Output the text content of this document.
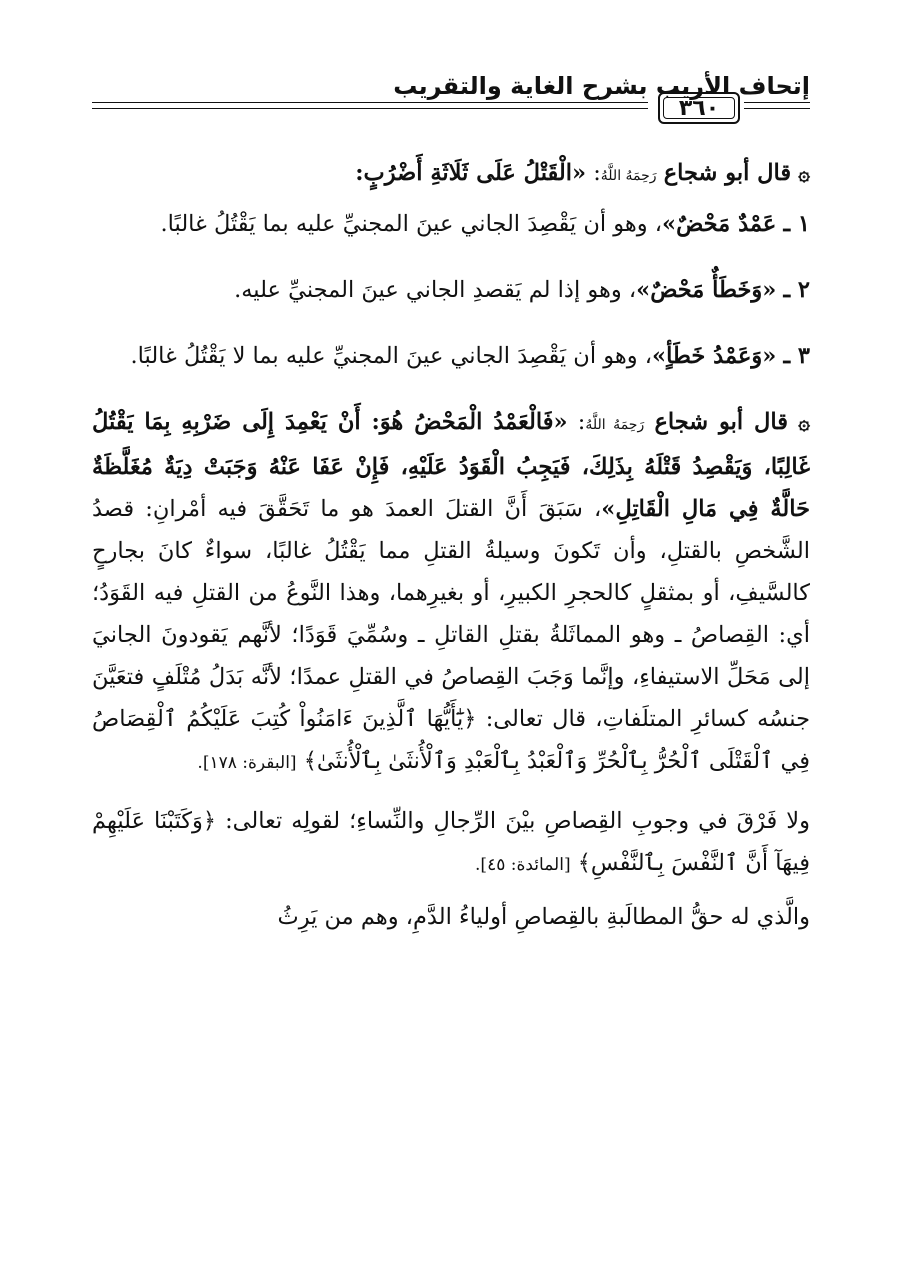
إتحاف الأريب بشرح الغاية والتقريب
٣٦٠

۞ قال أبو شجاع رَحِمَهُ اللَّهُ: «الْقَتْلُ عَلَى ثَلَاثَةِ أَضْرُبٍ:

١ ـ عَمْدٌ مَحْضٌ»، وهو أن يَقْصِدَ الجاني عينَ المجنيِّ عليه بما يَقْتُلُ غالبًا.

٢ ـ «وَخَطَأٌ مَحْضٌ»، وهو إذا لم يَقصدِ الجاني عينَ المجنيِّ عليه.

٣ ـ «وَعَمْدُ خَطَأٍ»، وهو أن يَقْصِدَ الجاني عينَ المجنيِّ عليه بما لا يَقْتُلُ غالبًا.

۞ قال أبو شجاع رَحِمَهُ اللَّهُ: «فَالْعَمْدُ الْمَحْضُ هُوَ: أَنْ يَعْمِدَ إِلَى ضَرْبِهِ بِمَا يَقْتُلُ غَالِبًا، وَيَقْصِدُ قَتْلَهُ بِذَلِكَ، فَيَجِبُ الْقَوَدُ عَلَيْهِ، فَإِنْ عَفَا عَنْهُ وَجَبَتْ دِيَةٌ مُغَلَّظَةٌ حَالَّةٌ فِي مَالِ الْقَاتِلِ»، سَبَقَ أَنَّ القتلَ العمدَ هو ما تَحَقَّقَ فيه أمْرانِ: قصدُ الشَّخصِ بالقتلِ، وأن تَكونَ وسيلةُ القتلِ مما يَقْتُلُ غالبًا، سواءٌ كانَ بجارحٍ كالسَّيفِ، أو بمثقلٍ كالحجرِ الكبيرِ، أو بغيرِهما، وهذا النَّوعُ من القتلِ فيه القَوَدُ؛ أي: القِصاصُ ـ وهو المماثَلةُ بقتلِ القاتلِ ـ وسُمِّيَ قَوَدًا؛ لأنَّهم يَقودونَ الجانيَ إلى مَحَلِّ الاستيفاءِ، وإنَّما وَجَبَ القِصاصُ في القتلِ عمدًا؛ لأنَّه بَدَلُ مُتْلَفٍ فتعَيَّنَ جنسُه كسائرِ المتلَفاتِ، قال تعالى: ﴿يَٰٓأَيُّهَا ٱلَّذِينَ ءَامَنُواْ كُتِبَ عَلَيْكُمُ ٱلْقِصَاصُ فِي ٱلْقَتْلَى ٱلْحُرُّ بِٱلْحُرِّ وَٱلْعَبْدُ بِٱلْعَبْدِ وَٱلْأُنثَىٰ بِٱلْأُنثَىٰ﴾ [البقرة: ١٧٨].

ولا فَرْقَ في وجوبِ القِصاصِ بيْنَ الرِّجالِ والنِّساءِ؛ لقولِه تعالى: ﴿وَكَتَبْنَا عَلَيْهِمْ فِيهَآ أَنَّ ٱلنَّفْسَ بِٱلنَّفْسِ﴾ [المائدة: ٤٥].

والَّذي له حقُّ المطالَبةِ بالقِصاصِ أولياءُ الدَّمِ، وهم من يَرِثُ
